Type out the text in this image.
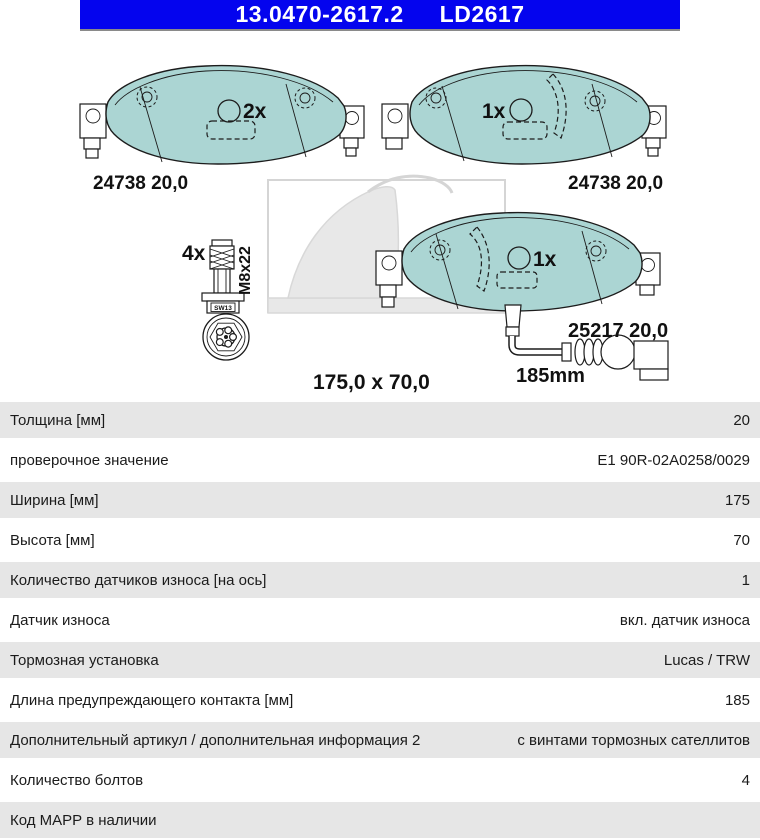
13.0470-2617.2 LD2617
2x
24738 20,0
1x
24738 20,0
4x M8x22
SW13
1x
25217 20,0
185mm
175,0 x 70,0
Толщина [мм]	20
проверочное значение	E1 90R-02A0258/0029
Ширина [мм]	175
Высота [мм]	70
Количество датчиков износа [на ось]	1
Датчик износа	вкл. датчик износа
Тормозная установка	Lucas / TRW
Длина предупреждающего контакта [мм]	185
Дополнительный артикул / дополнительная информация 2	с винтами тормозных сателлитов
Количество болтов	4
Код MAPP в наличии
